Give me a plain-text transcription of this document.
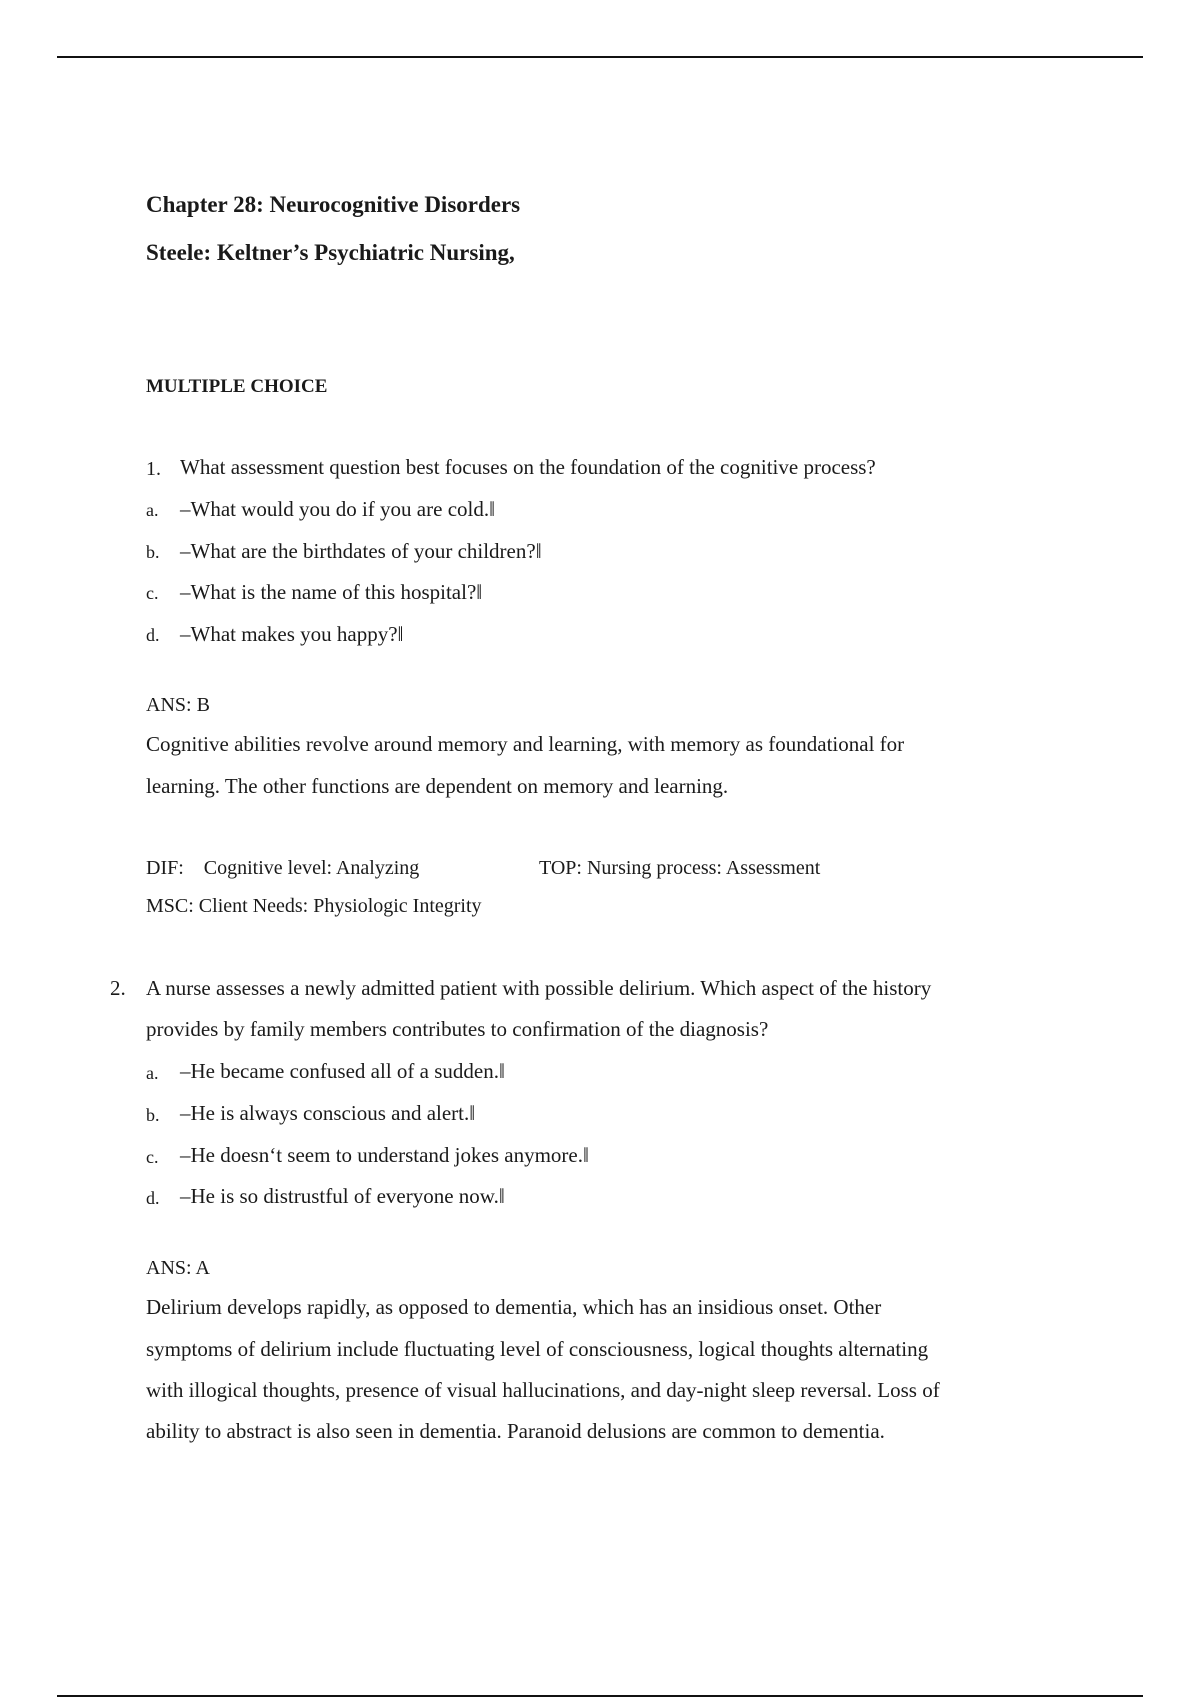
Chapter 28: Neurocognitive Disorders
Steele: Keltner’s Psychiatric Nursing,
MULTIPLE CHOICE
1. What assessment question best focuses on the foundation of the cognitive process?
a. –What would you do if you are cold.‖
b. –What are the birthdates of your children?‖
c. –What is the name of this hospital?‖
d. –What makes you happy?‖
ANS: B
Cognitive abilities revolve around memory and learning, with memory as foundational for
learning. The other functions are dependent on memory and learning.
DIF:    Cognitive level: Analyzing	TOP: Nursing process: Assessment
MSC: Client Needs: Physiologic Integrity
2. A nurse assesses a newly admitted patient with possible delirium. Which aspect of the history
provides by family members contributes to confirmation of the diagnosis?
a. –He became confused all of a sudden.‖
b. –He is always conscious and alert.‖
c. –He doesn‘t seem to understand jokes anymore.‖
d. –He is so distrustful of everyone now.‖
ANS: A
Delirium develops rapidly, as opposed to dementia, which has an insidious onset. Other
symptoms of delirium include fluctuating level of consciousness, logical thoughts alternating
with illogical thoughts, presence of visual hallucinations, and day-night sleep reversal. Loss of
ability to abstract is also seen in dementia. Paranoid delusions are common to dementia.
